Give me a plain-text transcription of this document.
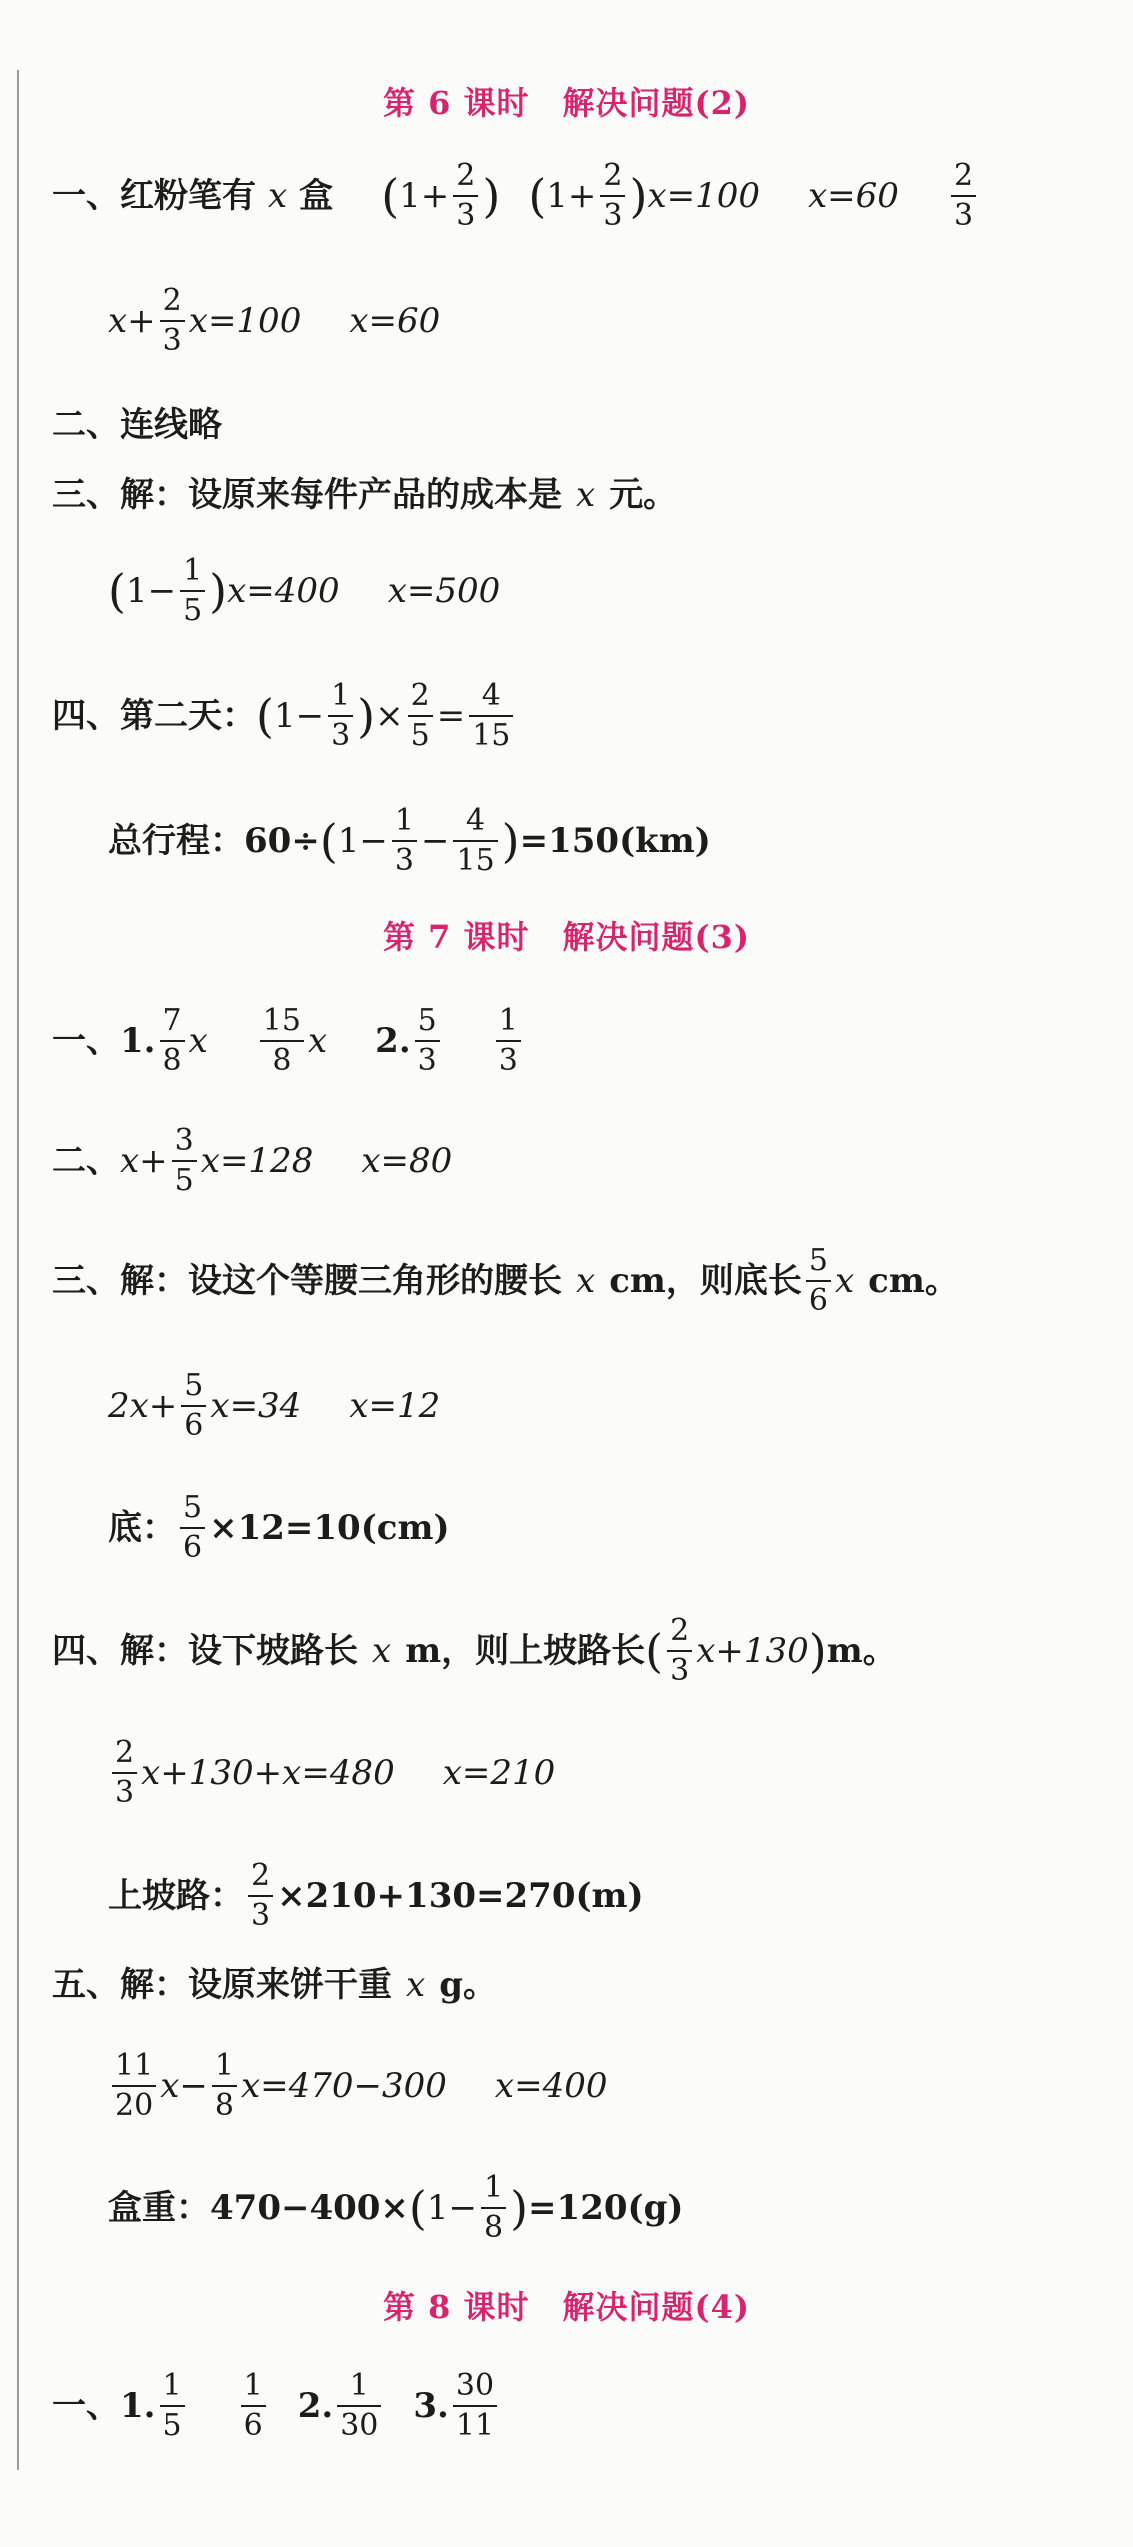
第 6 课时　解决问题(2)
一、红粉笔有 x 盒 ( $1+ \frac{2}{3}$ ) ( $1+ \frac{2}{3}$ ) x=100 $x=60 \frac{2}{3}$
$x+ \frac{2}{3} x=100$ x=60
二、连线略
三、解：设原来每件产品的成本是 x 元。
( $1- \frac{1}{5}$ ) x=400 x=500
四、第二天： ( $1- \frac{1}{3}$ ) × $\frac{2}{5} = \frac{4}{15}$
总行程：60÷ ( $1- \frac{1}{3} - \frac{4}{15}$ ) =150(km)
第 7 课时　解决问题(3)
一、1. $\frac{7}{8}$ x $\frac{15}{8}$ x 2. $\frac{5}{3} \frac{1}{3}$
二、 $x+ \frac{3}{5} x=128$ x=80
三、解：设这个等腰三角形的腰长 x cm，则底长 $\frac{5}{6}$ x cm。
$2x+ \frac{5}{6} x=34$ x=12
底： $\frac{5}{6} \times 12=10(cm)$
四、解：设下坡路长 x m，则上坡路长 ( $\frac{2}{3} x+130$ ) m。
$\frac{2}{3} x+130+x=480$ x=210
上坡路： $\frac{2}{3} \times 210+130=270(m)$
五、解：设原来饼干重 x g。
$\frac{11}{20} x- \frac{1}{8} x=470-300$ x=400
盒重：470−400× ( $1- \frac{1}{8}$ ) =120(g)
第 8 课时　解决问题(4)
一、1. $\frac{1}{5} \frac{1}{6} 2$. $\frac{1}{30} 3$. $\frac{30}{11}$
